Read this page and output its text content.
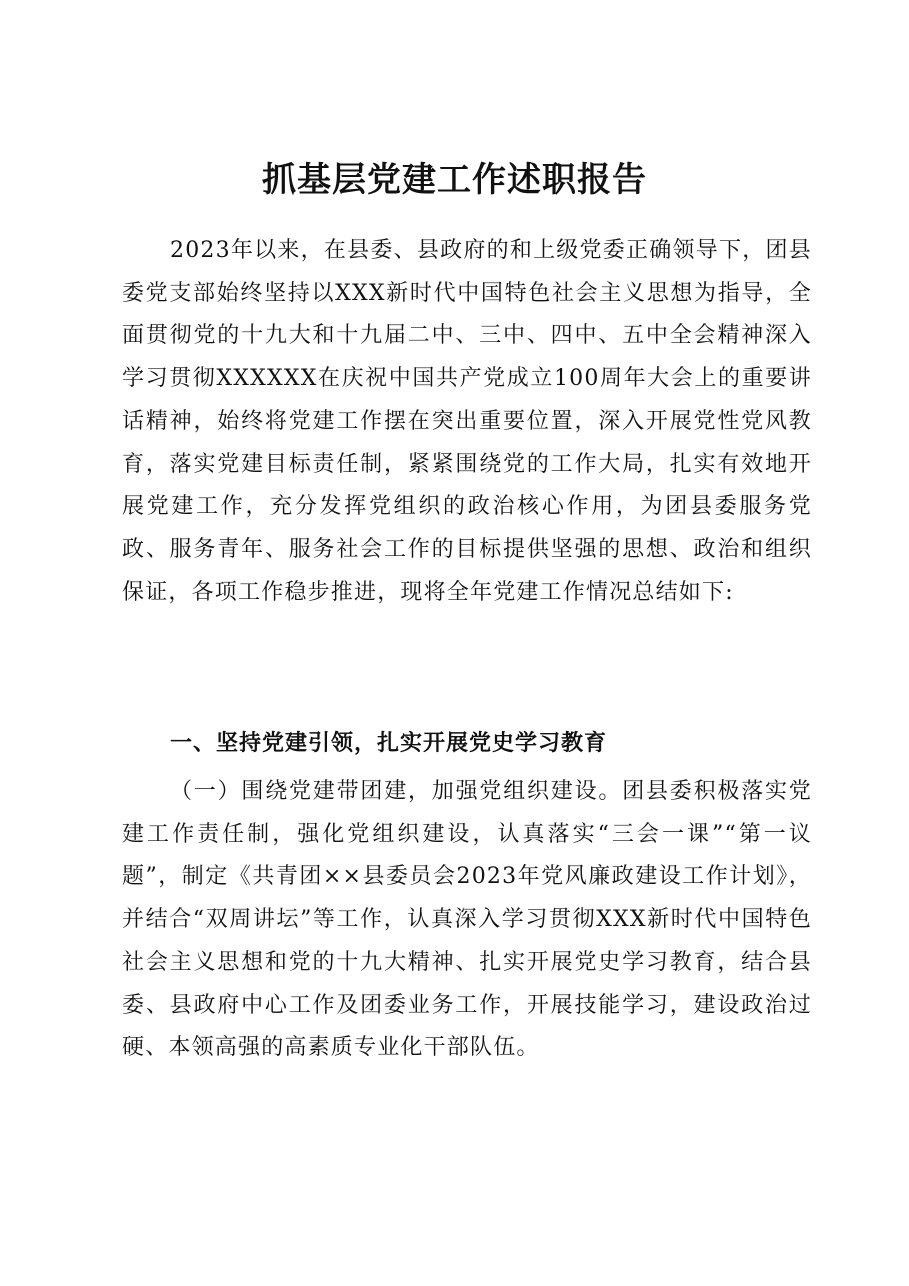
抓基层党建工作述职报告

2023年以来，在县委、县政府的和上级党委正确领导下，团县委党支部始终坚持以XXX新时代中国特色社会主义思想为指导，全面贯彻党的十九大和十九届二中、三中、四中、五中全会精神深入学习贯彻XXXXXX在庆祝中国共产党成立100周年大会上的重要讲话精神，始终将党建工作摆在突出重要位置，深入开展党性党风教育，落实党建目标责任制，紧紧围绕党的工作大局，扎实有效地开展党建工作，充分发挥党组织的政治核心作用，为团县委服务党政、服务青年、服务社会工作的目标提供坚强的思想、政治和组织保证，各项工作稳步推进，现将全年党建工作情况总结如下:

一、坚持党建引领，扎实开展党史学习教育

（一）围绕党建带团建，加强党组织建设。团县委积极落实党建工作责任制，强化党组织建设，认真落实“三会一课”“第一议题”，制定《共青团××县委员会2023年党风廉政建设工作计划》，并结合“双周讲坛”等工作，认真深入学习贯彻XXX新时代中国特色社会主义思想和党的十九大精神、扎实开展党史学习教育，结合县委、县政府中心工作及团委业务工作，开展技能学习，建设政治过硬、本领高强的高素质专业化干部队伍。
